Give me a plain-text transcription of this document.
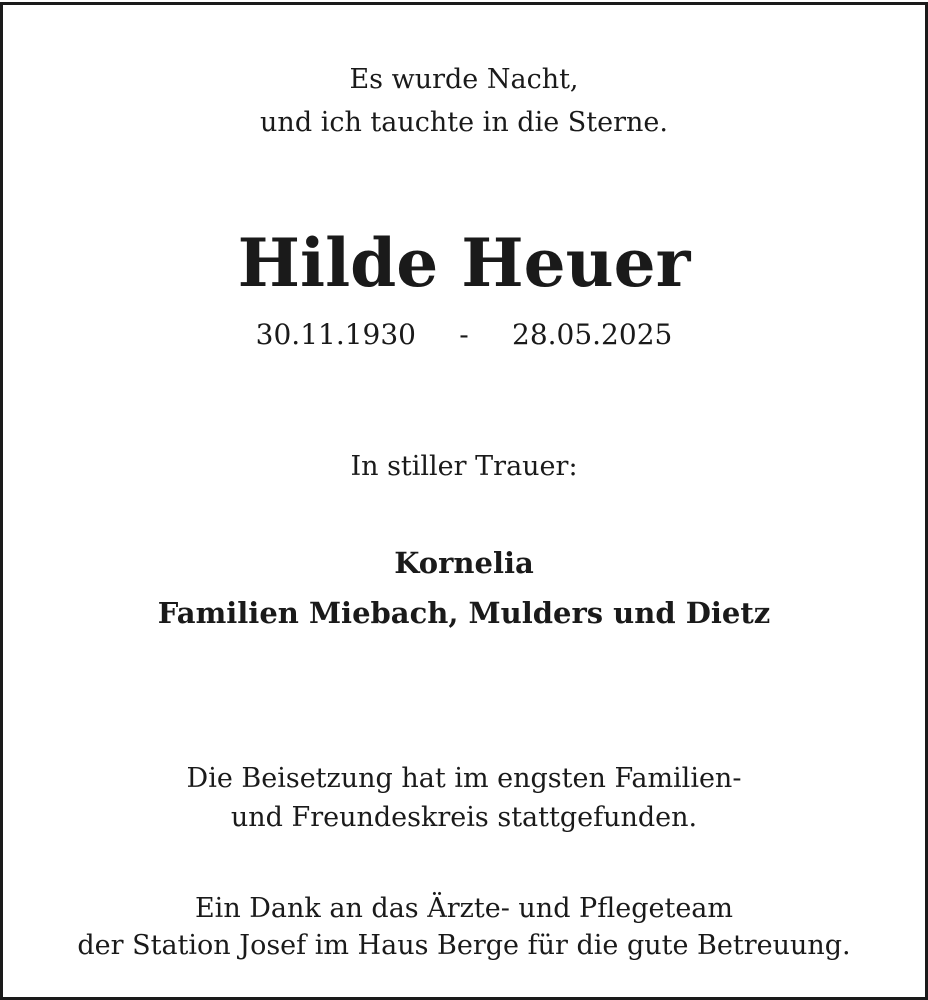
Es wurde Nacht,
und ich tauchte in die Sterne.
Hilde Heuer
30.11.1930 - 28.05.2025
In stiller Trauer:
Kornelia
Familien Miebach, Mulders und Dietz
Die Beisetzung hat im engsten Familien-
und Freundeskreis stattgefunden.
Ein Dank an das Ärzte- und Pflegeteam
der Station Josef im Haus Berge für die gute Betreuung.
